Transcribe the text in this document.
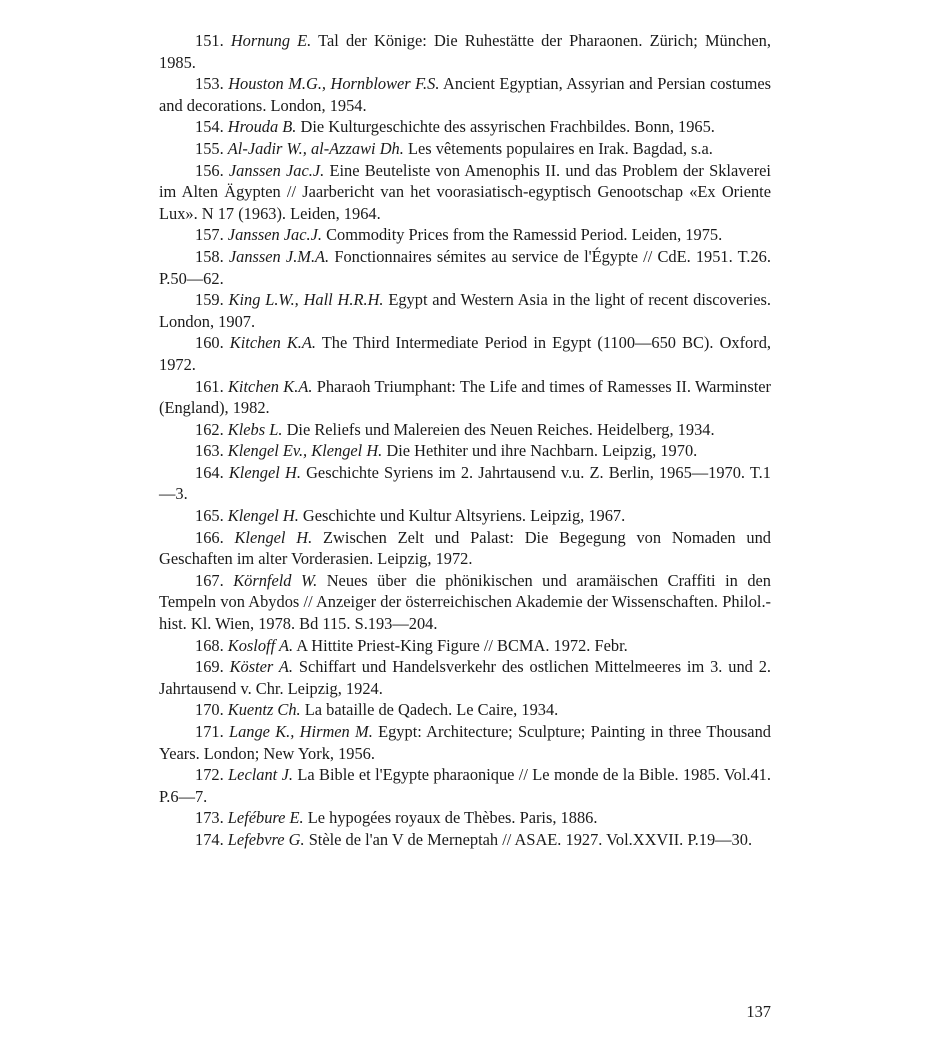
151. Hornung E. Tal der Könige: Die Ruhestätte der Pharaonen. Zürich; München, 1985.

153. Houston M.G., Hornblower F.S. Ancient Egyptian, Assyrian and Persian costumes and decorations. London, 1954.

154. Hrouda B. Die Kulturgeschichte des assyrischen Frachbildes. Bonn, 1965.

155. Al-Jadir W., al-Azzawi Dh. Les vêtements populaires en Irak. Bagdad, s.a.

156. Janssen Jac.J. Eine Beuteliste von Amenophis II. und das Problem der Sklaverei im Alten Ägypten // Jaarbericht van het voorasiatisch-egyptisch Genootschap «Ex Oriente Lux». N 17 (1963). Leiden, 1964.

157. Janssen Jac.J. Commodity Prices from the Ramessid Period. Leiden, 1975.

158. Janssen J.M.A. Fonctionnaires sémites au service de l'Égypte // CdE. 1951. T.26. P.50—62.

159. King L.W., Hall H.R.H. Egypt and Western Asia in the light of recent discoveries. London, 1907.

160. Kitchen K.A. The Third Intermediate Period in Egypt (1100—650 BC). Oxford, 1972.

161. Kitchen K.A. Pharaoh Triumphant: The Life and times of Ramesses II. Warminster (England), 1982.

162. Klebs L. Die Reliefs und Malereien des Neuen Reiches. Heidelberg, 1934.

163. Klengel Ev., Klengel H. Die Hethiter und ihre Nachbarn. Leipzig, 1970.

164. Klengel H. Geschichte Syriens im 2. Jahrtausend v.u. Z. Berlin, 1965—1970. T.1—3.

165. Klengel H. Geschichte und Kultur Altsyriens. Leipzig, 1967.

166. Klengel H. Zwischen Zelt und Palast: Die Begegung von Nomaden und Geschaften im alter Vorderasien. Leipzig, 1972.

167. Körnfeld W. Neues über die phönikischen und aramäischen Craffiti in den Tempeln von Abydos // Anzeiger der österreichischen Akademie der Wissenschaften. Philol.-hist. Kl. Wien, 1978. Bd 115. S.193—204.

168. Kosloff A. A Hittite Priest-King Figure // BCMA. 1972. Febr.

169. Köster A. Schiffart und Handelsverkehr des ostlichen Mittelmeeres im 3. und 2. Jahrtausend v. Chr. Leipzig, 1924.

170. Kuentz Ch. La bataille de Qadech. Le Caire, 1934.

171. Lange K., Hirmen M. Egypt: Architecture; Sculpture; Painting in three Thousand Years. London; New York, 1956.

172. Leclant J. La Bible et l'Egypte pharaonique // Le monde de la Bible. 1985. Vol.41. P.6—7.

173. Lefébure E. Le hypogées royaux de Thèbes. Paris, 1886.

174. Lefebvre G. Stèle de l'an V de Merneptah // ASAE. 1927. Vol.XXVII. P.19—30.

137
